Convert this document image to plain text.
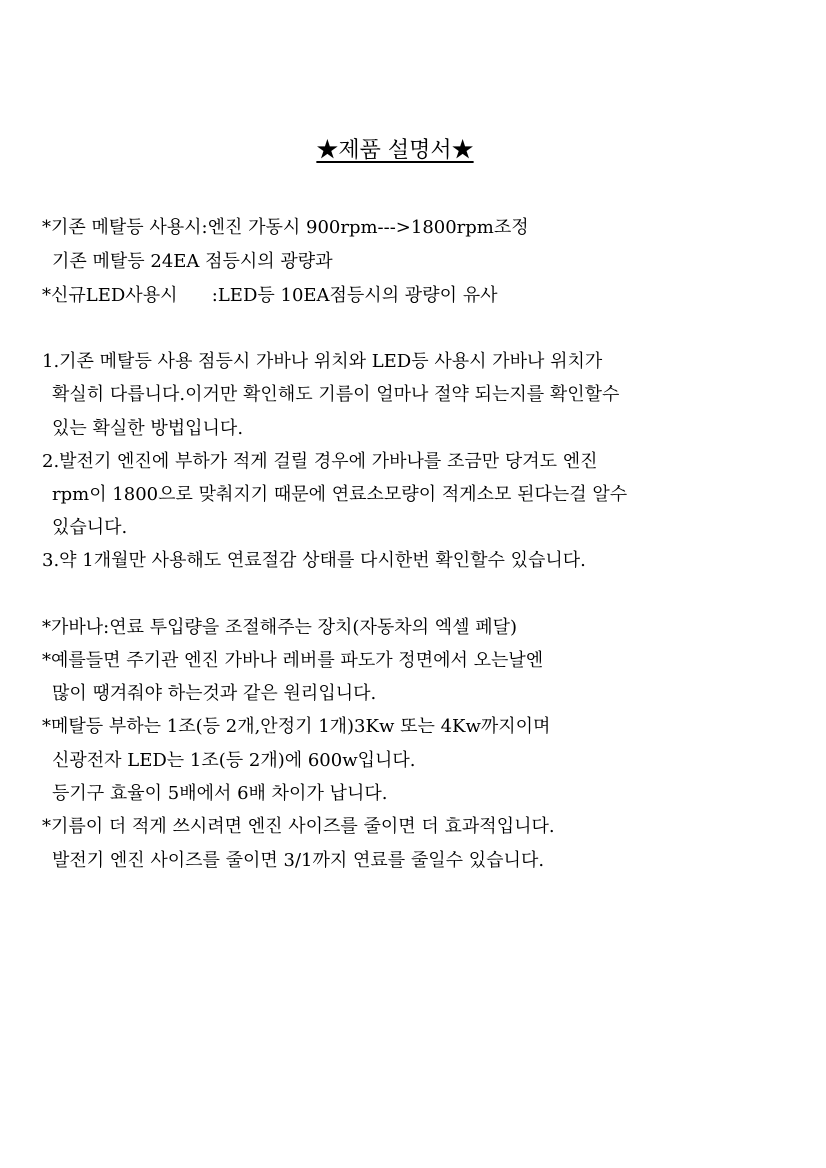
★제품 설명서★
*기존 메탈등 사용시:엔진 가동시 900rpm--->1800rpm조정
기존 메탈등 24EA 점등시의 광량과
*신규LED사용시      :LED등 10EA점등시의 광량이 유사
1.기존 메탈등 사용 점등시 가바나 위치와 LED등 사용시 가바나 위치가
확실히 다릅니다.이거만 확인해도 기름이 얼마나 절약 되는지를 확인할수
있는 확실한 방법입니다.
2.발전기 엔진에 부하가 적게 걸릴 경우에 가바나를 조금만 당겨도 엔진
rpm이 1800으로 맞춰지기 때문에 연료소모량이 적게소모 된다는걸 알수
있습니다.
3.약 1개월만 사용해도 연료절감 상태를 다시한번 확인할수 있습니다.
*가바나:연료 투입량을 조절해주는 장치(자동차의 엑셀 페달)
*예를들면 주기관 엔진 가바나 레버를 파도가 정면에서 오는날엔
많이 땡겨줘야 하는것과 같은 원리입니다.
*메탈등 부하는 1조(등 2개,안정기 1개)3Kw 또는 4Kw까지이며
신광전자 LED는 1조(등 2개)에 600w입니다.
등기구 효율이 5배에서 6배 차이가 납니다.
*기름이 더 적게 쓰시려면 엔진 사이즈를 줄이면 더 효과적입니다.
발전기 엔진 사이즈를 줄이면 3/1까지 연료를 줄일수 있습니다.
